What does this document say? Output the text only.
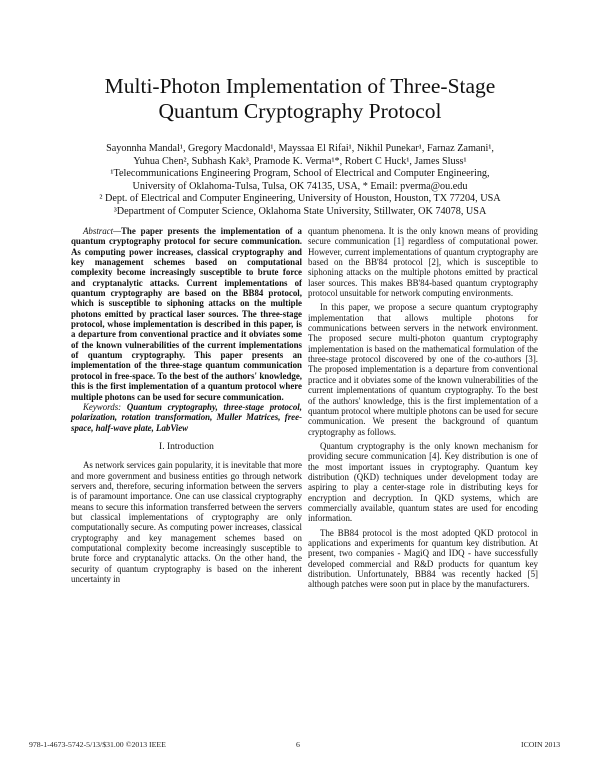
Multi-Photon Implementation of Three-Stage
Quantum Cryptography Protocol
Sayonnha Mandal¹, Gregory Macdonald¹, Mayssaa El Rifai¹, Nikhil Punekar¹, Farnaz Zamani¹,
Yuhua Chen², Subhash Kak³, Pramode K. Verma¹*, Robert C Huck¹, James Sluss¹
¹Telecommunications Engineering Program, School of Electrical and Computer Engineering,
University of Oklahoma-Tulsa, Tulsa, OK 74135, USA, * Email: pverma@ou.edu
² Dept. of Electrical and Computer Engineering, University of Houston, Houston, TX 77204, USA
³Department of Computer Science, Oklahoma State University, Stillwater, OK 74078, USA

Abstract—The paper presents the implementation of a quantum cryptography protocol for secure communication. As computing power increases, classical cryptography and key management schemes based on computational complexity become increasingly susceptible to brute force and cryptanalytic attacks. Current implementations of quantum cryptography are based on the BB84 protocol, which is susceptible to siphoning attacks on the multiple photons emitted by practical laser sources. The three-stage protocol, whose implementation is described in this paper, is a departure from conventional practice and it obviates some of the known vulnerabilities of the current implementations of quantum cryptography. This paper presents an implementation of the three-stage quantum communication protocol in free-space. To the best of the authors' knowledge, this is the first implementation of a quantum protocol where multiple photons can be used for secure communication.

Keywords: Quantum cryptography, three-stage protocol, polarization, rotation transformation, Muller Matrices, free-space, half-wave plate, LabView

I. Introduction

As network services gain popularity, it is inevitable that more and more government and business entities go through network servers and, therefore, securing information between the servers is of paramount importance. One can use classical cryptography means to secure this information transferred between the servers but classical implementations of cryptography are only computationally secure. As computing power increases, classical cryptography and key management schemes based on computational complexity become increasingly susceptible to brute force and cryptanalytic attacks. On the other hand, the security of quantum cryptography is based on the inherent uncertainty in

quantum phenomena. It is the only known means of providing secure communication [1] regardless of computational power. However, current implementations of quantum cryptography are based on the BB'84 protocol [2], which is susceptible to siphoning attacks on the multiple photons emitted by practical laser sources. This makes BB'84-based quantum cryptography protocol unsuitable for network computing environments.

In this paper, we propose a secure quantum cryptography implementation that allows multiple photons for communications between servers in the network environment. The proposed secure multi-photon quantum cryptography implementation is based on the mathematical formulation of the three-stage protocol discovered by one of the co-authors [3]. The proposed implementation is a departure from conventional practice and it obviates some of the known vulnerabilities of the current implementations of quantum cryptography. To the best of the authors' knowledge, this is the first implementation of a quantum protocol where multiple photons can be used for secure communication. We present the background of quantum cryptography as follows.

Quantum cryptography is the only known mechanism for providing secure communication [4]. Key distribution is one of the most important issues in cryptography. Quantum key distribution (QKD) techniques under development today are aspiring to play a center-stage role in distributing keys for encryption and decryption. In QKD systems, which are commercially available, quantum states are used for encoding information.

The BB84 protocol is the most adopted QKD protocol in applications and experiments for quantum key distribution. At present, two companies - MagiQ and IDQ - have successfully developed commercial and R&D products for quantum key distribution. Unfortunately, BB84 was recently hacked [5] although patches were soon put in place by the manufacturers.

978-1-4673-5742-5/13/$31.00 ©2013 IEEE	6	ICOIN 2013
